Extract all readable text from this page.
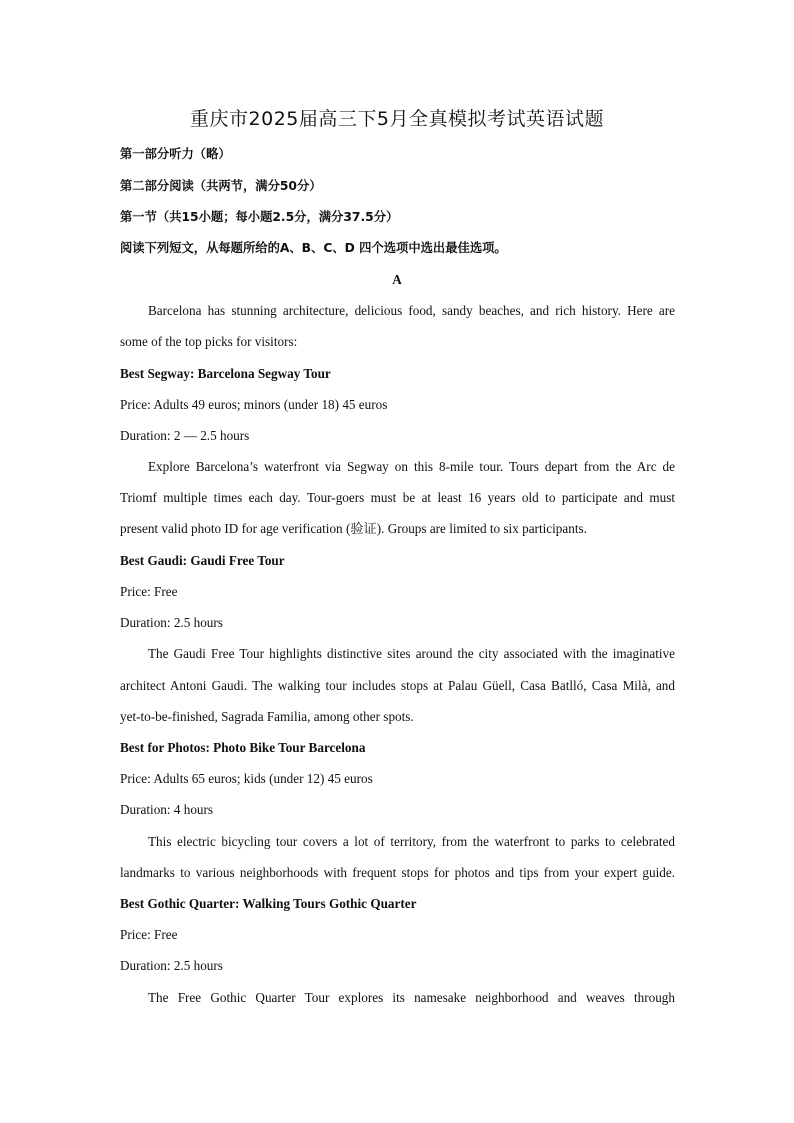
重庆市2025届高三下5月全真模拟考试英语试题
第一部分听力（略）
第二部分阅读（共两节，满分50分）
第一节（共15小题；每小题2.5分，满分37.5分）
阅读下列短文，从每题所给的A、B、C、D 四个选项中选出最佳选项。
A
Barcelona has stunning architecture, delicious food, sandy beaches, and rich history. Here are
some of the top picks for visitors:
Best Segway: Barcelona Segway Tour
Price: Adults 49 euros; minors (under 18) 45 euros
Duration: 2 — 2.5 hours
Explore Barcelona’s waterfront via Segway on this 8-mile tour. Tours depart from the Arc de
Triomf multiple times each day. Tour-goers must be at least 16 years old to participate and must
present valid photo ID for age verification (验证). Groups are limited to six participants.
Best Gaudi: Gaudi Free Tour
Price: Free
Duration: 2.5 hours
The Gaudi Free Tour highlights distinctive sites around the city associated with the imaginative
architect Antoni Gaudi. The walking tour includes stops at Palau Güell, Casa Batlló, Casa Milà, and
yet-to-be-finished, Sagrada Familia, among other spots.
Best for Photos: Photo Bike Tour Barcelona
Price: Adults 65 euros; kids (under 12) 45 euros
Duration: 4 hours
This electric bicycling tour covers a lot of territory, from the waterfront to parks to celebrated
landmarks to various neighborhoods with frequent stops for photos and tips from your expert guide.
Best Gothic Quarter: Walking Tours Gothic Quarter
Price: Free
Duration: 2.5 hours
The Free Gothic Quarter Tour explores its namesake neighborhood and weaves through
